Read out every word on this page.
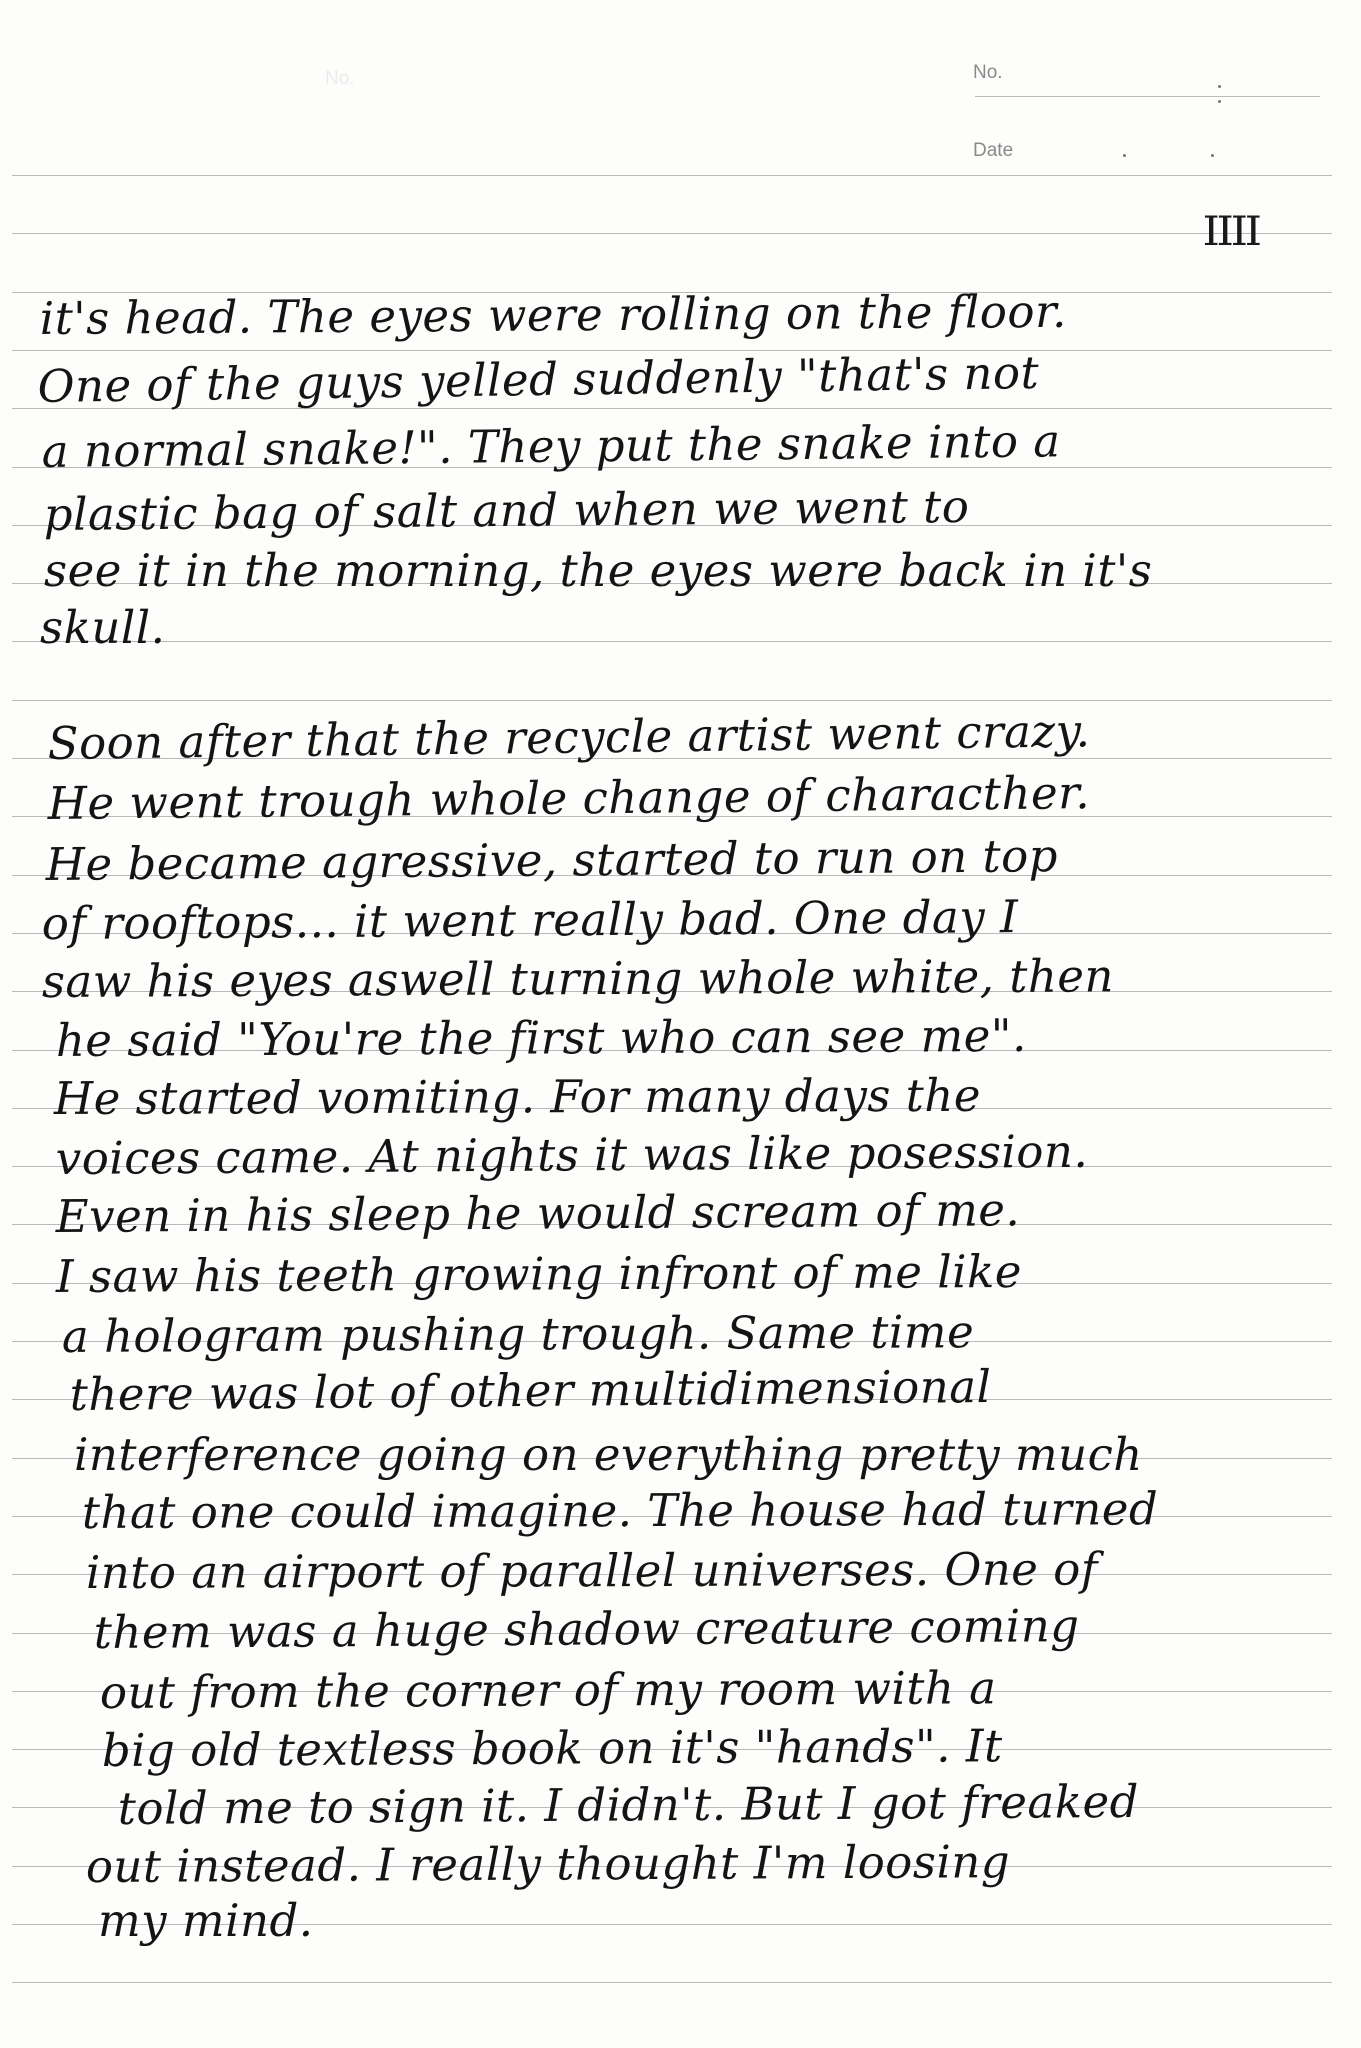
No.	No.
Date
IIII
it's head. The eyes were rolling on the floor.
One of the guys yelled suddenly "that's not
a normal snake!". They put the snake into a
plastic bag of salt and when we went to
see it in the morning, the eyes were back in it's
skull.
Soon after that the recycle artist went crazy.
He went trough whole change of characther.
He became agressive, started to run on top
of rooftops... it went really bad. One day I
saw his eyes aswell turning whole white, then
he said "You're the first who can see me".
He started vomiting. For many days the
voices came. At nights it was like posession.
Even in his sleep he would scream of me.
I saw his teeth growing infront of me like
a hologram pushing trough. Same time
there was lot of other multidimensional
interference going on everything pretty much
that one could imagine. The house had turned
into an airport of parallel universes. One of
them was a huge shadow creature coming
out from the corner of my room with a
big old textless book on it's "hands". It
told me to sign it. I didn't. But I got freaked
out instead. I really thought I'm loosing
my mind.
